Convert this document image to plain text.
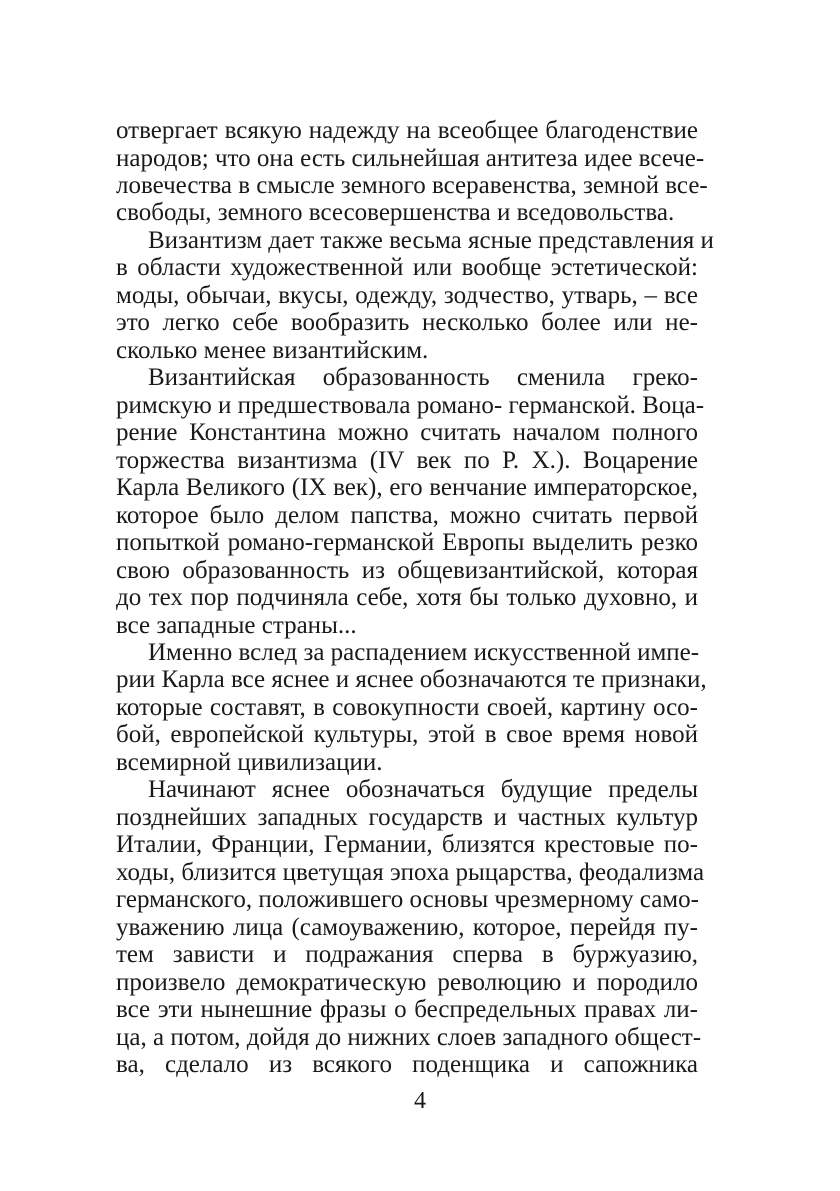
отвергает всякую надежду на всеобщее благоденствие
народов; что она есть сильнейшая антитеза идее всече-
ловечества в смысле земного всеравенства, земной все-
свободы, земного всесовершенства и вседовольства.
Византизм дает также весьма ясные представления и
в области художественной или вообще эстетической:
моды, обычаи, вкусы, одежду, зодчество, утварь, – все
это легко себе вообразить несколько более или не-
сколько менее византийским.
Византийская образованность сменила греко-
римскую и предшествовала романо- германской. Воца-
рение Константина можно считать началом полного
торжества византизма (IV век по Р. Х.). Воцарение
Карла Великого (IX век), его венчание императорское,
которое было делом папства, можно считать первой
попыткой романо-германской Европы выделить резко
свою образованность из общевизантийской, которая
до тех пор подчиняла себе, хотя бы только духовно, и
все западные страны...
Именно вслед за распадением искусственной импе-
рии Карла все яснее и яснее обозначаются те признаки,
которые составят, в совокупности своей, картину осо-
бой, европейской культуры, этой в свое время новой
всемирной цивилизации.
Начинают яснее обозначаться будущие пределы
позднейших западных государств и частных культур
Италии, Франции, Германии, близятся крестовые по-
ходы, близится цветущая эпоха рыцарства, феодализма
германского, положившего основы чрезмерному само-
уважению лица (самоуважению, которое, перейдя пу-
тем зависти и подражания сперва в буржуазию,
произвело демократическую революцию и породило
все эти нынешние фразы о беспредельных правах ли-
ца, а потом, дойдя до нижних слоев западного общест-
ва, сделало из всякого поденщика и сапожника
4
